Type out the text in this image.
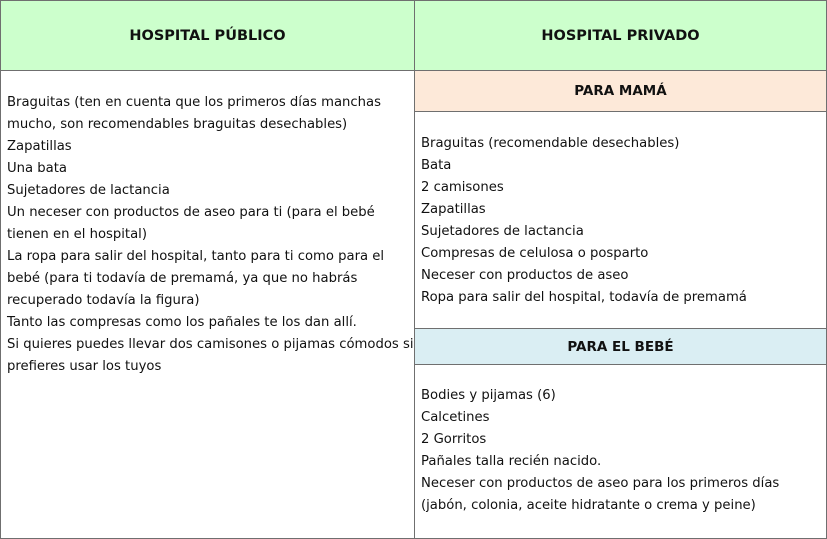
HOSPITAL PÚBLICO	HOSPITAL PRIVADO
Braguitas (ten en cuenta que los primeros días manchas
mucho, son recomendables braguitas desechables)
Zapatillas
Una bata
Sujetadores de lactancia
Un neceser con productos de aseo para ti (para el bebé
tienen en el hospital)
La ropa para salir del hospital, tanto para ti como para el
bebé (para ti todavía de premamá, ya que no habrás
recuperado todavía la figura)
Tanto las compresas como los pañales te los dan allí.
Si quieres puedes llevar dos camisones o pijamas cómodos si
prefieres usar los tuyos
PARA MAMÁ
Braguitas (recomendable desechables)
Bata
2 camisones
Zapatillas
Sujetadores de lactancia
Compresas de celulosa o posparto
Neceser con productos de aseo
Ropa para salir del hospital, todavía de premamá
PARA EL BEBÉ
Bodies y pijamas (6)
Calcetines
2 Gorritos
Pañales talla recién nacido.
Neceser con productos de aseo para los primeros días
(jabón, colonia, aceite hidratante o crema y peine)
